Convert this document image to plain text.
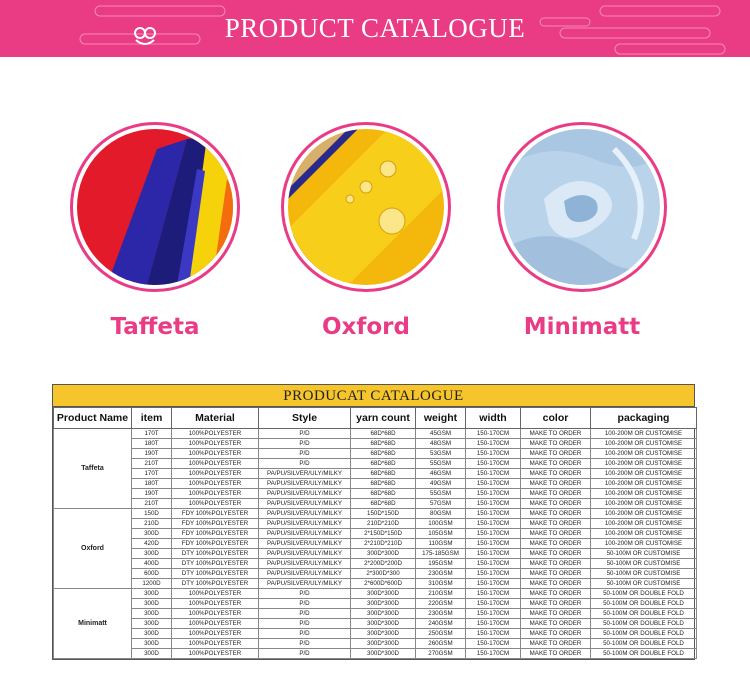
PRODUCT CATALOGUE
Taffeta	Oxford	Minimatt
PRODUCAT CATALOGUE
Product Name	item	Material	Style	yarn count	weight	width	color	packaging
Taffeta	170T	100%POLYESTER	P/D	68D*68D	45GSM	150-170CM	MAKE TO ORDER	100-200M OR CUSTOMISE
	180T	100%POLYESTER	P/D	68D*68D	48GSM	150-170CM	MAKE TO ORDER	100-200M OR CUSTOMISE
	190T	100%POLYESTER	P/D	68D*68D	53GSM	150-170CM	MAKE TO ORDER	100-200M OR CUSTOMISE
	210T	100%POLYESTER	P/D	68D*68D	55GSM	150-170CM	MAKE TO ORDER	100-200M OR CUSTOMISE
	170T	100%POLYESTER	PA/PU/SILVER/ULY/MILKY	68D*68D	46GSM	150-170CM	MAKE TO ORDER	100-200M OR CUSTOMISE
	180T	100%POLYESTER	PA/PU/SILVER/ULY/MILKY	68D*68D	49GSM	150-170CM	MAKE TO ORDER	100-200M OR CUSTOMISE
	190T	100%POLYESTER	PA/PU/SILVER/ULY/MILKY	68D*68D	55GSM	150-170CM	MAKE TO ORDER	100-200M OR CUSTOMISE
	210T	100%POLYESTER	PA/PU/SILVER/ULY/MILKY	68D*68D	57GSM	150-170CM	MAKE TO ORDER	100-200M OR CUSTOMISE
Oxford	150D	FDY 100%POLYESTER	PA/PU/SILVER/ULY/MILKY	150D*150D	80GSM	150-170CM	MAKE TO ORDER	100-200M OR CUSTOMISE
	210D	FDY 100%POLYESTER	PA/PU/SILVER/ULY/MILKY	210D*210D	100GSM	150-170CM	MAKE TO ORDER	100-200M OR CUSTOMISE
	300D	FDY 100%POLYESTER	PA/PU/SILVER/ULY/MILKY	2*150D*150D	105GSM	150-170CM	MAKE TO ORDER	100-200M OR CUSTOMISE
	420D	FDY 100%POLYESTER	PA/PU/SILVER/ULY/MILKY	2*210D*210D	110GSM	150-170CM	MAKE TO ORDER	100-200M OR CUSTOMISE
	300D	DTY 100%POLYESTER	PA/PU/SILVER/ULY/MILKY	300D*300D	175-185GSM	150-170CM	MAKE TO ORDER	50-100M OR CUSTOMISE
	400D	DTY 100%POLYESTER	PA/PU/SILVER/ULY/MILKY	2*200D*200D	195GSM	150-170CM	MAKE TO ORDER	50-100M OR CUSTOMISE
	600D	DTY 100%POLYESTER	PA/PU/SILVER/ULY/MILKY	2*300D*300	230GSM	150-170CM	MAKE TO ORDER	50-100M OR CUSTOMISE
	1200D	DTY 100%POLYESTER	PA/PU/SILVER/ULY/MILKY	2*600D*600D	310GSM	150-170CM	MAKE TO ORDER	50-100M OR CUSTOMISE
Minimatt	300D	100%POLYESTER	P/D	300D*300D	210GSM	150-170CM	MAKE TO ORDER	50-100M OR DOUBLE FOLD
	300D	100%POLYESTER	P/D	300D*300D	220GSM	150-170CM	MAKE TO ORDER	50-100M OR DOUBLE FOLD
	300D	100%POLYESTER	P/D	300D*300D	230GSM	150-170CM	MAKE TO ORDER	50-100M OR DOUBLE FOLD
	300D	100%POLYESTER	P/D	300D*300D	240GSM	150-170CM	MAKE TO ORDER	50-100M OR DOUBLE FOLD
	300D	100%POLYESTER	P/D	300D*300D	250GSM	150-170CM	MAKE TO ORDER	50-100M OR DOUBLE FOLD
	300D	100%POLYESTER	P/D	300D*300D	260GSM	150-170CM	MAKE TO ORDER	50-100M OR DOUBLE FOLD
	300D	100%POLYESTER	P/D	300D*300D	270GSM	150-170CM	MAKE TO ORDER	50-100M OR DOUBLE FOLD
